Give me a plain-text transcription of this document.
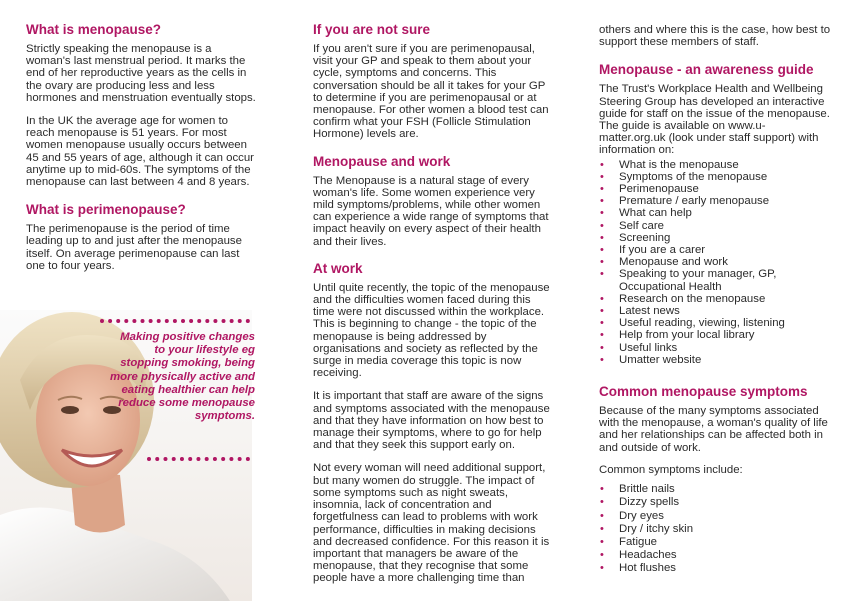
What is menopause?

Strictly speaking the menopause is a woman's last menstrual period. It marks the end of her reproductive years as the cells in the ovary are producing less and less hormones and menstruation eventually stops.

In the UK the average age for women to reach menopause is 51 years. For most women menopause usually occurs between 45 and 55 years of age, although it can occur anytime up to mid-60s. The symptoms of the menopause can last between 4 and 8 years.

What is perimenopause?

The perimenopause is the period of time leading up to and just after the menopause itself. On average perimenopause can last one to four years.

Making positive changes to your lifestyle eg stopping smoking, being more physically active and eating healthier can help reduce some menopause symptoms.
If you are not sure

If you aren't sure if you are perimenopausal, visit your GP and speak to them about your cycle, symptoms and concerns. This conversation should be all it takes for your GP to determine if you are perimenopausal or at menopause. For other women a blood test can confirm what your FSH (Follicle Stimulation Hormone) levels are.

Menopause and work

The Menopause is a natural stage of every woman's life. Some women experience very mild symptoms/problems, while other women can experience a wide range of symptoms that impact heavily on every aspect of their health and their lives.

At work

Until quite recently, the topic of the menopause and the difficulties women faced during this time were not discussed within the workplace. This is beginning to change - the topic of the menopause is being addressed by organisations and society as reflected by the surge in media coverage this topic is now receiving.

It is important that staff are aware of the signs and symptoms associated with the menopause and that they have information on how best to manage their symptoms, where to go for help and that they seek this support early on.

Not every woman will need additional support, but many women do struggle. The impact of some symptoms such as night sweats, insomnia, lack of concentration and forgetfulness can lead to problems with work performance, difficulties in making decisions and decreased confidence. For this reason it is important that managers be aware of the menopause, that they recognise that some people have a more challenging time than

others and where this is the case, how best to support these members of staff.

Menopause - an awareness guide

The Trust's Workplace Health and Wellbeing Steering Group has developed an interactive guide for staff on the issue of the menopause. The guide is available on www.u-matter.org.uk (look under staff support) with information on:

• What is the menopause
• Symptoms of the menopause
• Perimenopause
• Premature / early menopause
• What can help
• Self care
• Screening
• If you are a carer
• Menopause and work
• Speaking to your manager, GP, Occupational Health
• Research on the menopause
• Latest news
• Useful reading, viewing, listening
• Help from your local library
• Useful links
• Umatter website
Common menopause symptoms

Because of the many symptoms associated with the menopause, a woman's quality of life and her relationships can be affected both in and outside of work.

Common symptoms include:

• Brittle nails
• Dizzy spells
• Dry eyes
• Dry / itchy skin
• Fatigue
• Headaches
• Hot flushes
